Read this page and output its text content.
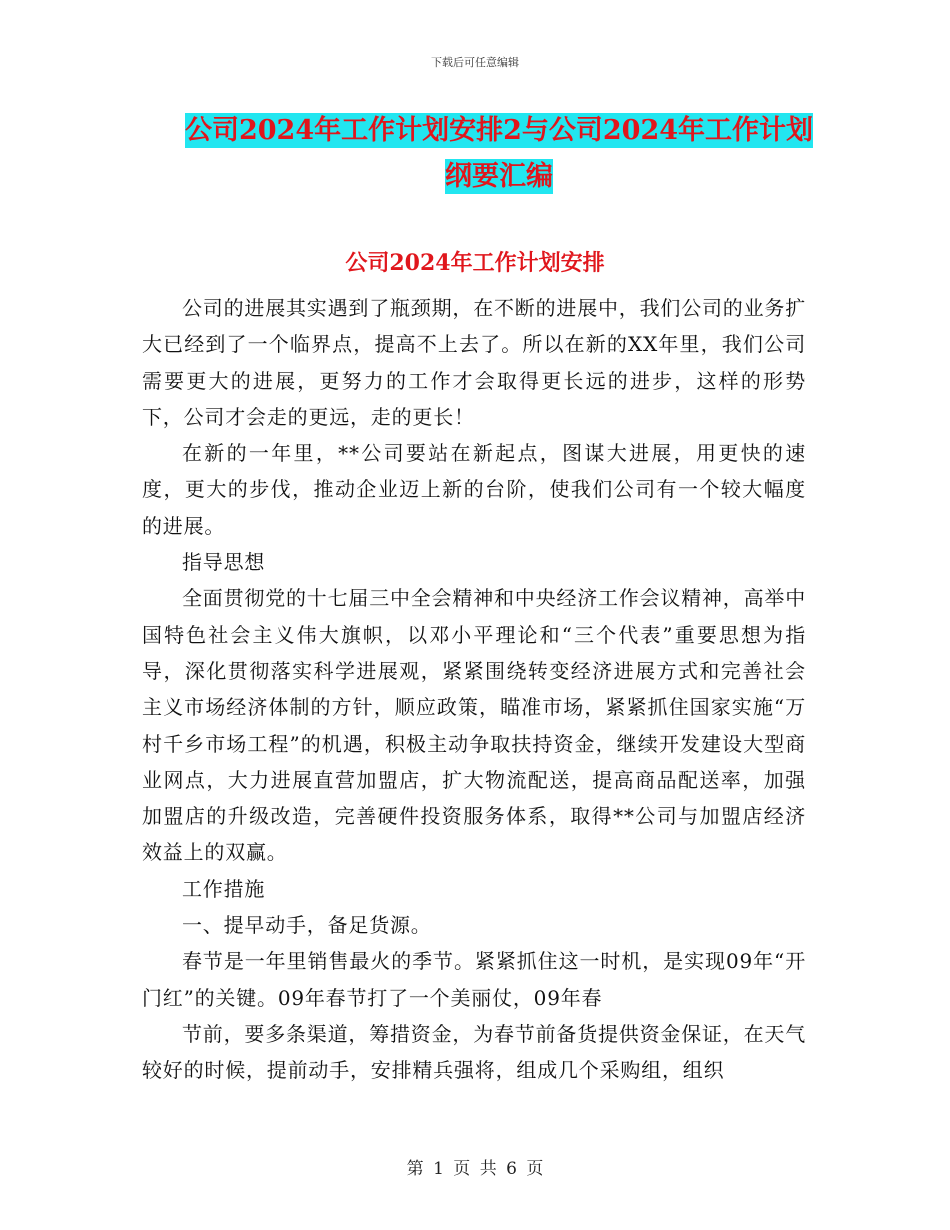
下载后可任意编辑
公司2024年工作计划安排2与公司2024年工作计划
纲要汇编
公司2024年工作计划安排

公司的进展其实遇到了瓶颈期，在不断的进展中，我们公司的业务扩大已经到了一个临界点，提高不上去了。所以在新的XX年里，我们公司需要更大的进展，更努力的工作才会取得更长远的进步，这样的形势下，公司才会走的更远，走的更长！

在新的一年里，**公司要站在新起点，图谋大进展，用更快的速度，更大的步伐，推动企业迈上新的台阶，使我们公司有一个较大幅度的进展。

指导思想

全面贯彻党的十七届三中全会精神和中央经济工作会议精神，高举中国特色社会主义伟大旗帜，以邓小平理论和“三个代表”重要思想为指导，深化贯彻落实科学进展观，紧紧围绕转变经济进展方式和完善社会主义市场经济体制的方针，顺应政策，瞄准市场，紧紧抓住国家实施“万村千乡市场工程”的机遇，积极主动争取扶持资金，继续开发建设大型商业网点，大力进展直营加盟店，扩大物流配送，提高商品配送率，加强加盟店的升级改造，完善硬件投资服务体系，取得**公司与加盟店经济效益上的双赢。

工作措施

一、提早动手，备足货源。

春节是一年里销售最火的季节。紧紧抓住这一时机，是实现09年“开门红”的关键。09年春节打了一个美丽仗，09年春

节前，要多条渠道，筹措资金，为春节前备货提供资金保证，在天气较好的时候，提前动手，安排精兵强将，组成几个采购组，组织

第 1 页 共 6 页
